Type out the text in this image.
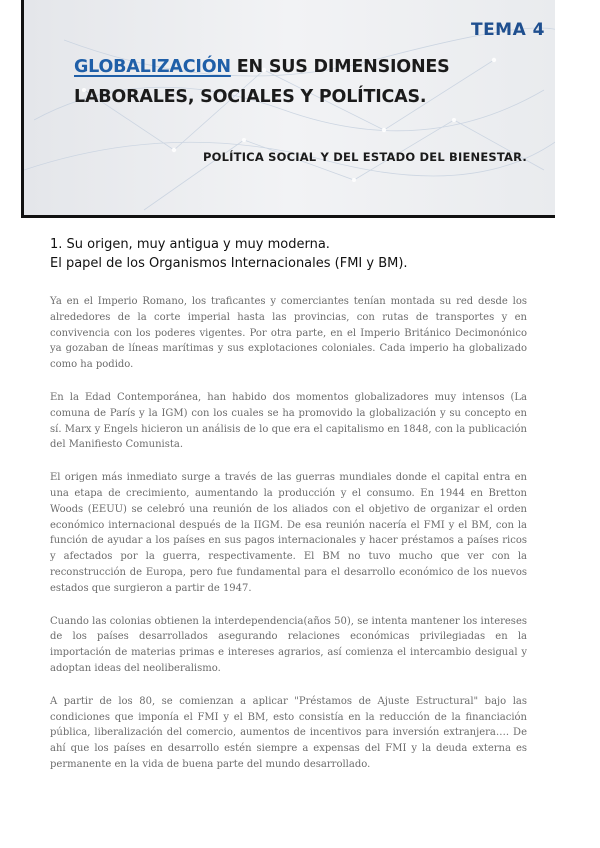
TEMA 4
GLOBALIZACIÓN EN SUS DIMENSIONES LABORALES, SOCIALES Y POLÍTICAS.
POLÍTICA SOCIAL Y DEL ESTADO DEL BIENESTAR.
1. Su origen, muy antigua y muy moderna.
El papel de los Organismos Internacionales (FMI y BM).

Ya en el Imperio Romano, los traficantes y comerciantes tenían montada su red desde los alrededores de la corte imperial hasta las provincias, con rutas de transportes y en convivencia con los poderes vigentes. Por otra parte, en el Imperio Británico Decimonónico ya gozaban de líneas marítimas y sus explotaciones coloniales. Cada imperio ha globalizado como ha podido.

En la Edad Contemporánea, han habido dos momentos globalizadores muy intensos (La comuna de París y la IGM) con los cuales se ha promovido la globalización y su concepto en sí. Marx y Engels hicieron un análisis de lo que era el capitalismo en 1848, con la publicación del Manifiesto Comunista.

El origen más inmediato surge a través de las guerras mundiales donde el capital entra en una etapa de crecimiento, aumentando la producción y el consumo. En 1944 en Bretton Woods (EEUU) se celebró una reunión de los aliados con el objetivo de organizar el orden económico internacional después de la IIGM. De esa reunión nacería el FMI y el BM, con la función de ayudar a los países en sus pagos internacionales y hacer préstamos a países ricos y afectados por la guerra, respectivamente. El BM no tuvo mucho que ver con la reconstrucción de Europa, pero fue fundamental para el desarrollo económico de los nuevos estados que surgieron a partir de 1947.

Cuando las colonias obtienen la interdependencia(años 50), se intenta mantener los intereses de los países desarrollados asegurando relaciones económicas privilegiadas en la importación de materias primas e intereses agrarios, así comienza el intercambio desigual y adoptan ideas del neoliberalismo.

A partir de los 80, se comienzan a aplicar "Préstamos de Ajuste Estructural" bajo las condiciones que imponía el FMI y el BM, esto consistía en la reducción de la financiación pública, liberalización del comercio, aumentos de incentivos para inversión extranjera…. De ahí que los países en desarrollo estén siempre a expensas del FMI y la deuda externa es permanente en la vida de buena parte del mundo desarrollado.
